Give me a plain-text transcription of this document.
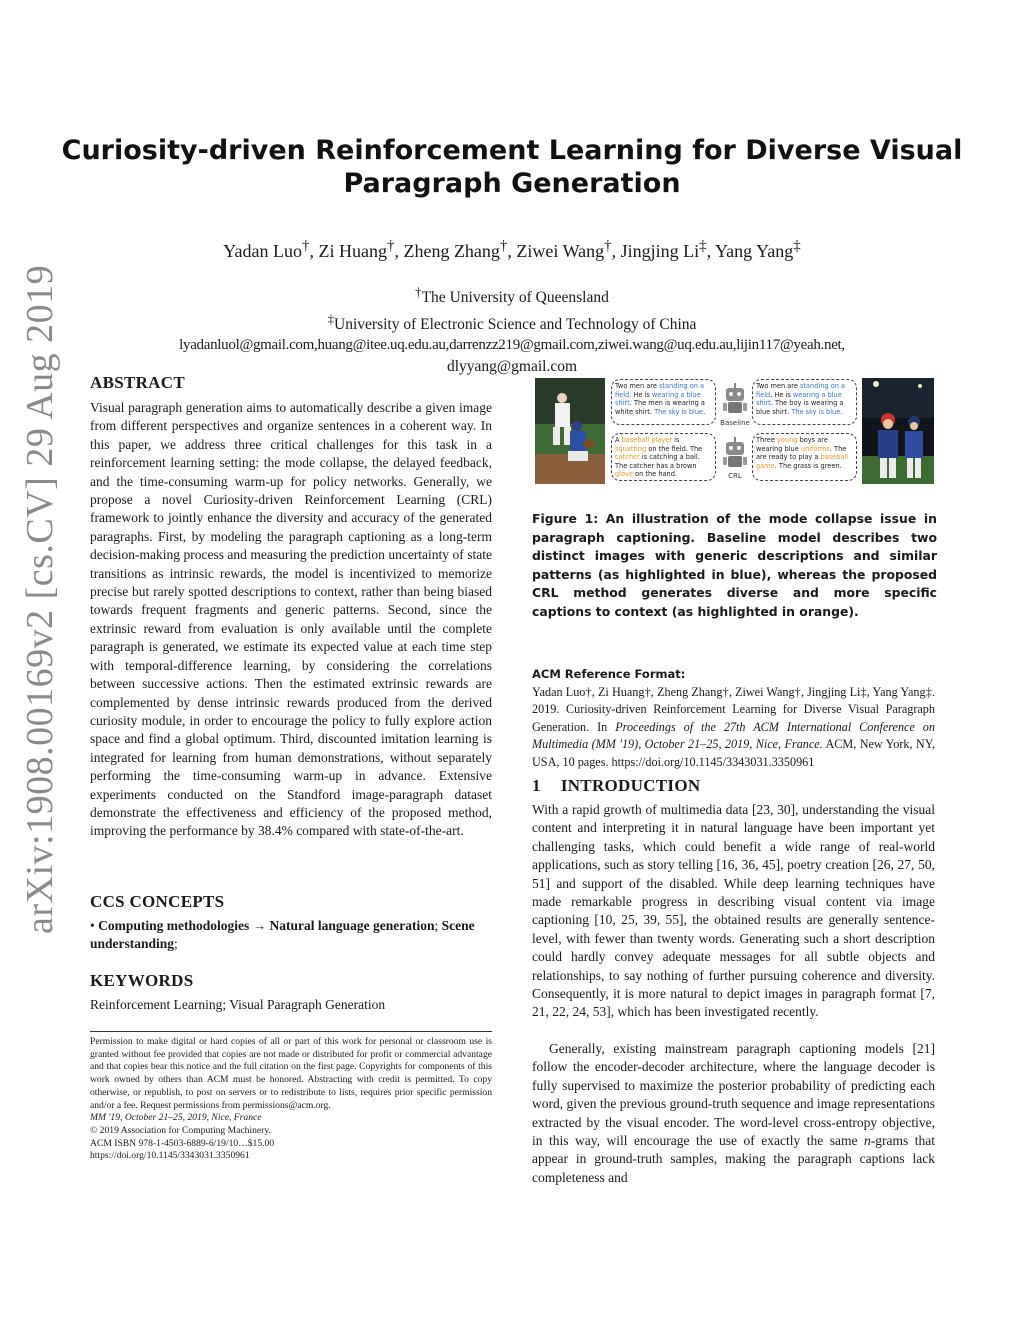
arXiv:1908.00169v2 [cs.CV] 29 Aug 2019
Curiosity-driven Reinforcement Learning for Diverse Visual
Paragraph Generation
Yadan Luo†, Zi Huang†, Zheng Zhang†, Ziwei Wang†, Jingjing Li‡, Yang Yang‡
†The University of Queensland
‡University of Electronic Science and Technology of China
lyadanluol@gmail.com,huang@itee.uq.edu.au,darrenzz219@gmail.com,ziwei.wang@uq.edu.au,lijin117@yeah.net,
dlyyang@gmail.com
ABSTRACT
Visual paragraph generation aims to automatically describe a given image from different perspectives and organize sentences in a coherent way. In this paper, we address three critical challenges for this task in a reinforcement learning setting: the mode collapse, the delayed feedback, and the time-consuming warm-up for policy networks. Generally, we propose a novel Curiosity-driven Reinforcement Learning (CRL) framework to jointly enhance the diversity and accuracy of the generated paragraphs. First, by modeling the paragraph captioning as a long-term decision-making process and measuring the prediction uncertainty of state transitions as intrinsic rewards, the model is incentivized to memorize precise but rarely spotted descriptions to context, rather than being biased towards frequent fragments and generic patterns. Second, since the extrinsic reward from evaluation is only available until the complete paragraph is generated, we estimate its expected value at each time step with temporal-difference learning, by considering the correlations between successive actions. Then the estimated extrinsic rewards are complemented by dense intrinsic rewards produced from the derived curiosity module, in order to encourage the policy to fully explore action space and find a global optimum. Third, discounted imitation learning is integrated for learning from human demonstrations, without separately performing the time-consuming warm-up in advance. Extensive experiments conducted on the Standford image-paragraph dataset demonstrate the effectiveness and efficiency of the proposed method, improving the performance by 38.4% compared with state-of-the-art.
CCS CONCEPTS
• Computing methodologies → Natural language generation; Scene understanding;
KEYWORDS
Reinforcement Learning; Visual Paragraph Generation
Permission to make digital or hard copies of all or part of this work for personal or classroom use is granted without fee provided that copies are not made or distributed for profit or commercial advantage and that copies bear this notice and the full citation on the first page. Copyrights for components of this work owned by others than ACM must be honored. Abstracting with credit is permitted. To copy otherwise, or republish, to post on servers or to redistribute to lists, requires prior specific permission and/or a fee. Request permissions from permissions@acm.org.
MM '19, October 21–25, 2019, Nice, France
© 2019 Association for Computing Machinery.
ACM ISBN 978-1-4503-6889-6/19/10…$15.00
https://doi.org/10.1145/3343031.3350961
Two men are standing on a field. He is wearing a blue shirt. The men is wearing a white shirt. The sky is blue.
A baseball player is squatting on the field. The catcher is catching a ball. The catcher has a brown glove on the hand.
Baseline
CRL
Two men are standing on a field. He is wearing a blue shirt. The boy is wearing a blue shirt. The sky is blue.
Three young boys are wearing blue uniforms. The are ready to play a baseball game. The grass is green.
Figure 1: An illustration of the mode collapse issue in paragraph captioning. Baseline model describes two distinct images with generic descriptions and similar patterns (as highlighted in blue), whereas the proposed CRL method generates diverse and more specific captions to context (as highlighted in orange).
ACM Reference Format:
Yadan Luo†, Zi Huang†, Zheng Zhang†, Ziwei Wang†, Jingjing Li‡, Yang Yang‡. 2019. Curiosity-driven Reinforcement Learning for Diverse Visual Paragraph Generation. In Proceedings of the 27th ACM International Conference on Multimedia (MM '19), October 21–25, 2019, Nice, France. ACM, New York, NY, USA, 10 pages. https://doi.org/10.1145/3343031.3350961
1 INTRODUCTION
With a rapid growth of multimedia data [23, 30], understanding the visual content and interpreting it in natural language have been important yet challenging tasks, which could benefit a wide range of real-world applications, such as story telling [16, 36, 45], poetry creation [26, 27, 50, 51] and support of the disabled. While deep learning techniques have made remarkable progress in describing visual content via image captioning [10, 25, 39, 55], the obtained results are generally sentence-level, with fewer than twenty words. Generating such a short description could hardly convey adequate messages for all subtle objects and relationships, to say nothing of further pursuing coherence and diversity. Consequently, it is more natural to depict images in paragraph format [7, 21, 22, 24, 53], which has been investigated recently.
Generally, existing mainstream paragraph captioning models [21] follow the encoder-decoder architecture, where the language decoder is fully supervised to maximize the posterior probability of predicting each word, given the previous ground-truth sequence and image representations extracted by the visual encoder. The word-level cross-entropy objective, in this way, will encourage the use of exactly the same n-grams that appear in ground-truth samples, making the paragraph captions lack completeness and
